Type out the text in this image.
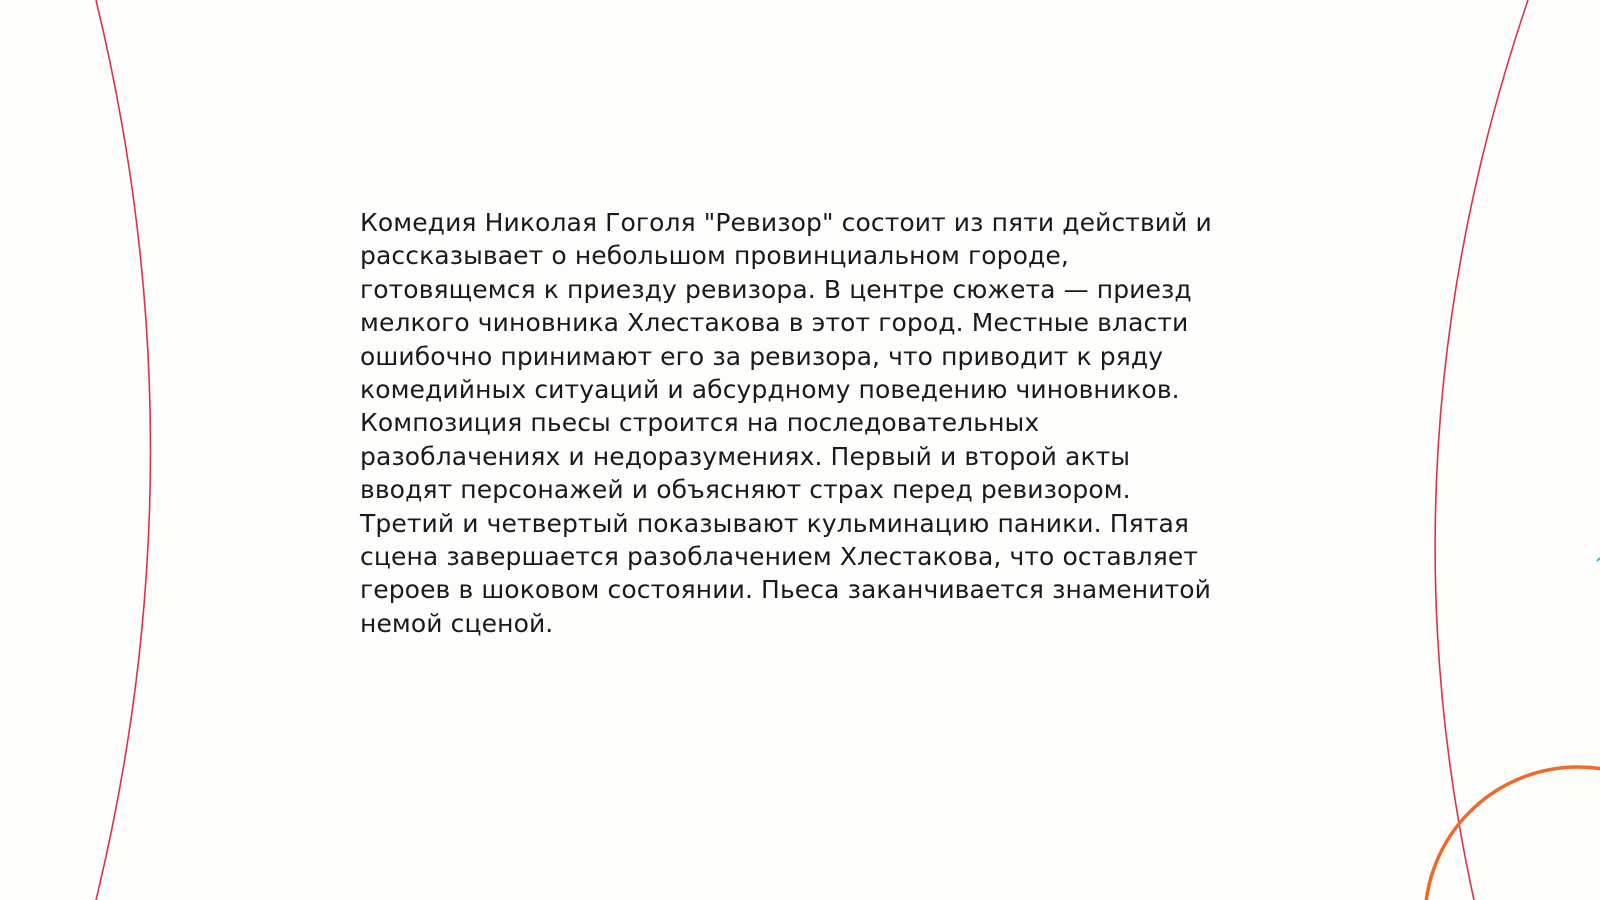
Комедия Николая Гоголя "Ревизор" состоит из пяти действий и
рассказывает о небольшом провинциальном городе,
готовящемся к приезду ревизора. В центре сюжета — приезд
мелкого чиновника Хлестакова в этот город. Местные власти
ошибочно принимают его за ревизора, что приводит к ряду
комедийных ситуаций и абсурдному поведению чиновников.
Композиция пьесы строится на последовательных
разоблачениях и недоразумениях. Первый и второй акты
вводят персонажей и объясняют страх перед ревизором.
Третий и четвертый показывают кульминацию паники. Пятая
сцена завершается разоблачением Хлестакова, что оставляет
героев в шоковом состоянии. Пьеса заканчивается знаменитой
немой сценой.
